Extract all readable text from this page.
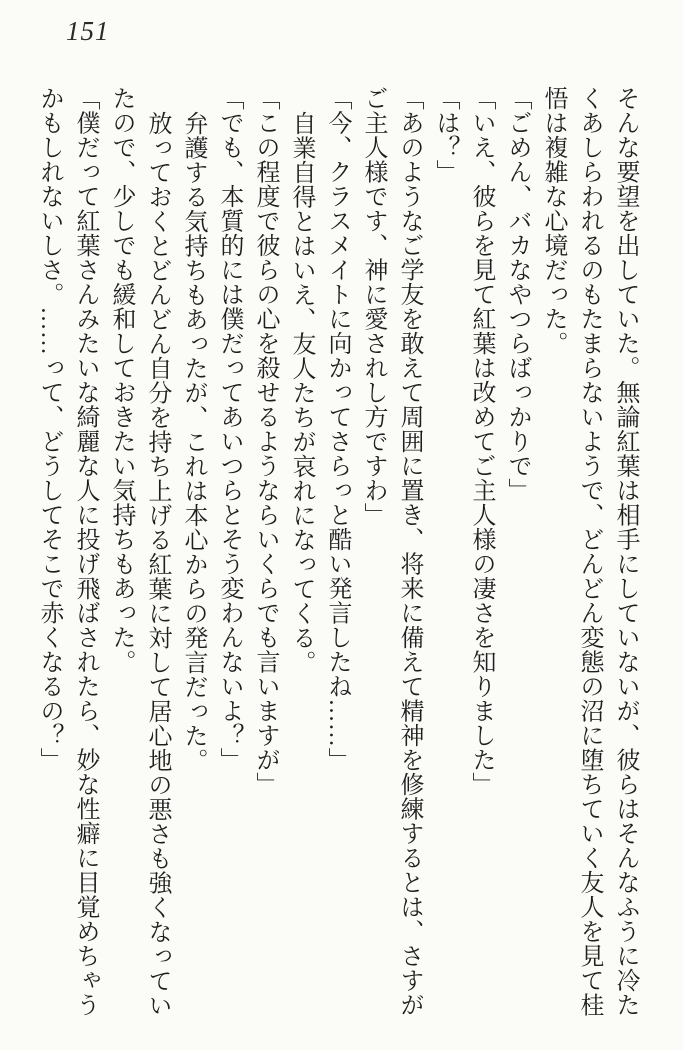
151
そんな要望を出していた。無論紅葉は相手にしていないが、彼らはそんなふうに冷た
くあしらわれるのもたまらないようで、どんどん変態の沼に堕ちていく友人を見て桂
悟は複雑な心境だった。
「ごめん、バカなやつらばっかりで」
「いえ、彼らを見て紅葉は改めてご主人様の凄さを知りました」
「は？」
「あのようなご学友を敢えて周囲に置き、将来に備えて精神を修練するとは、さすが
ご主人様です、神に愛されし方ですわ」
「今、クラスメイトに向かってさらっと酷い発言したね……」
自業自得とはいえ、友人たちが哀れになってくる。
「この程度で彼らの心を殺せるようならいくらでも言いますが」
「でも、本質的には僕だってあいつらとそう変わんないよ？」
弁護する気持ちもあったが、これは本心からの発言だった。
放っておくとどんどん自分を持ち上げる紅葉に対して居心地の悪さも強くなってい
たので、少しでも緩和しておきたい気持ちもあった。
「僕だって紅葉さんみたいな綺麗な人に投げ飛ばされたら、妙な性癖に目覚めちゃう
かもしれないしさ。……って、どうしてそこで赤くなるの？」
